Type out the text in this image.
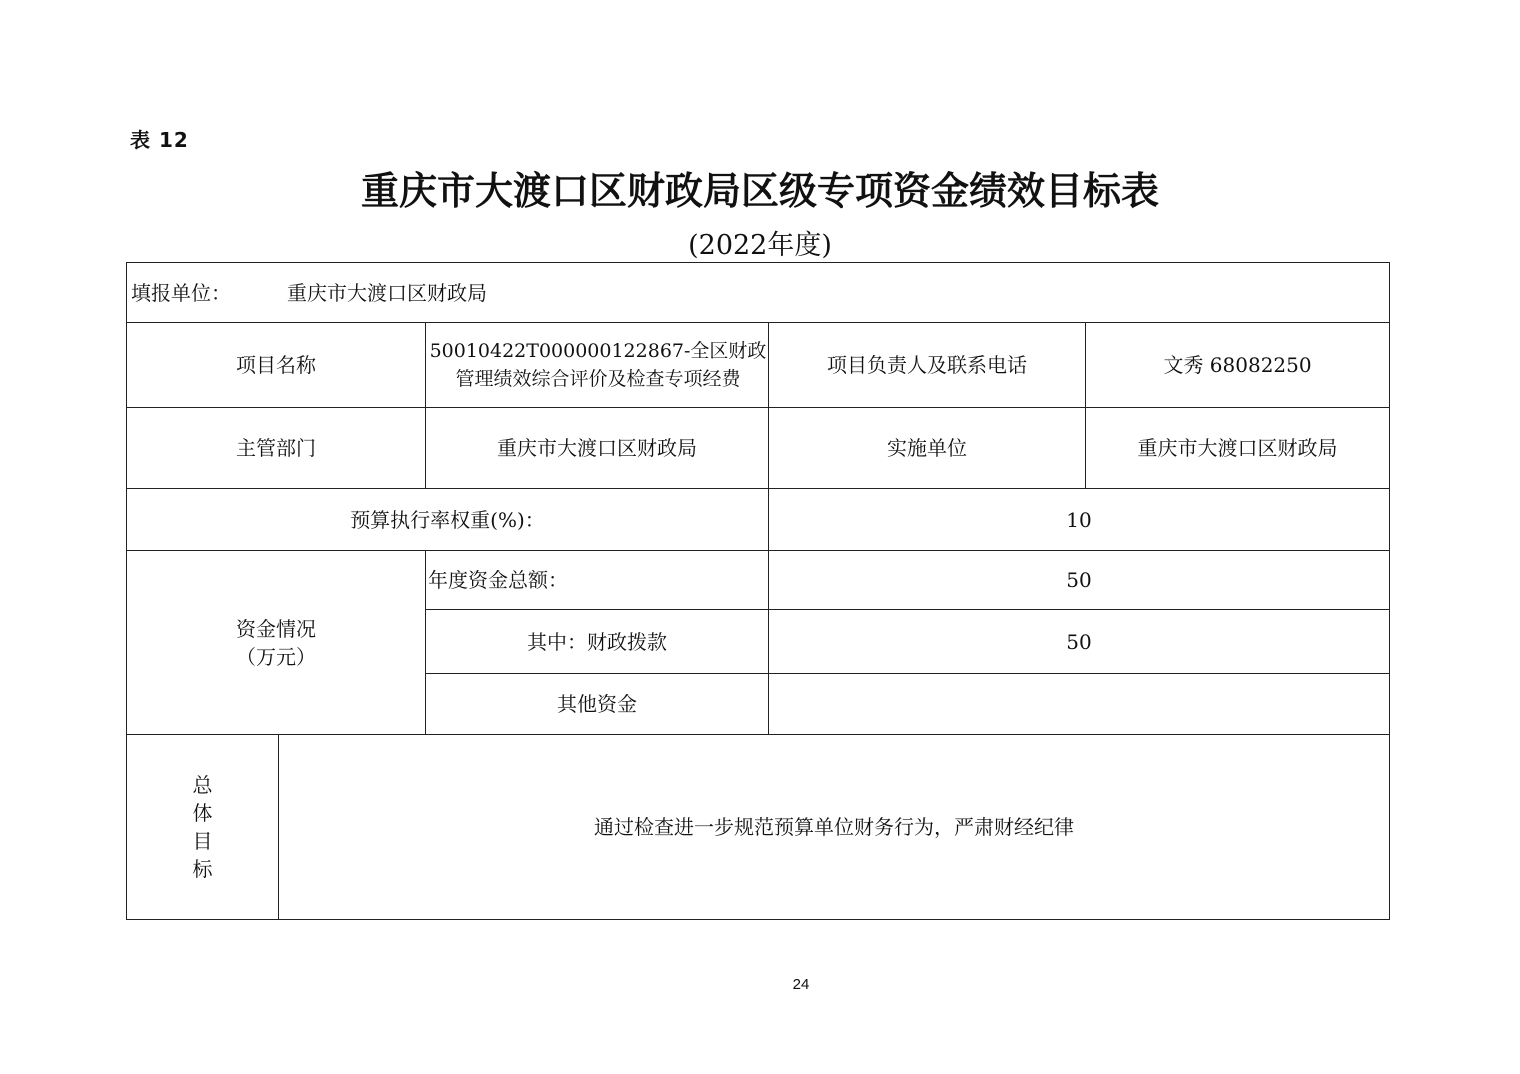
表 12
重庆市大渡口区财政局区级专项资金绩效目标表
(2022年度)
填报单位： 重庆市大渡口区财政局				
项目名称		50010422T000000122867-全区财政管理绩效综合评价及检查专项经费	项目负责人及联系电话	文秀 68082250
主管部门		重庆市大渡口区财政局	实施单位	重庆市大渡口区财政局
预算执行率权重(%)：			10	

资金情况
（万元）		年度资金总额：	50	
		其中：财政拨款	50	
		其他资金		
总体目标	通过检查进一步规范预算单位财务行为，严肃财经纪律			
24
